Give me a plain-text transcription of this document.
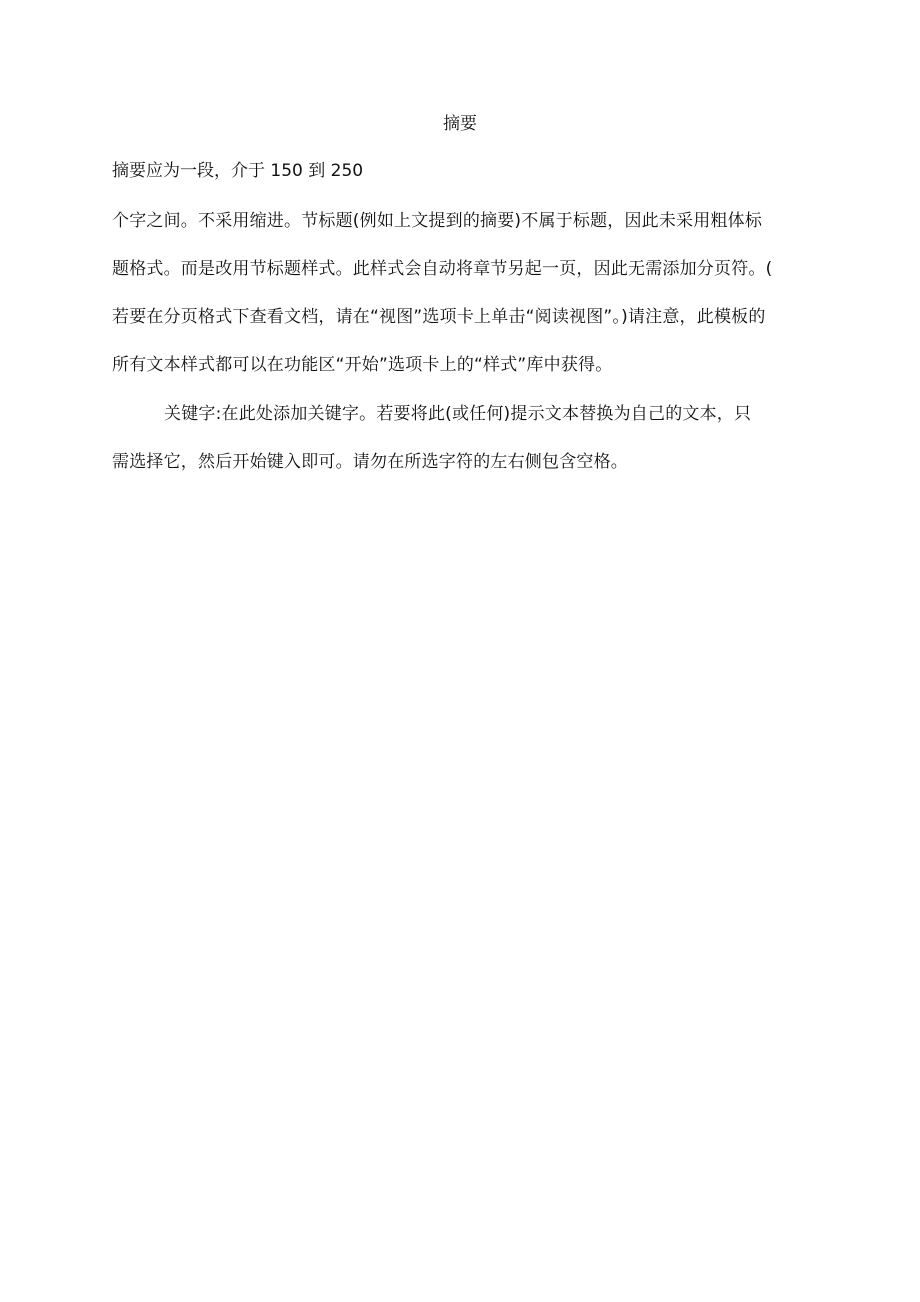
摘要
摘要应为一段，介于 150 到 250
个字之间。不采用缩进。节标题(例如上文提到的摘要)不属于标题，因此未采用粗体标
题格式。而是改用节标题样式。此样式会自动将章节另起一页，因此无需添加分页符。(
若要在分页格式下查看文档，请在“视图”选项卡上单击“阅读视图”。)请注意，此模板的
所有文本样式都可以在功能区“开始”选项卡上的“样式”库中获得。
关键字:在此处添加关键字。若要将此(或任何)提示文本替换为自己的文本，只
需选择它，然后开始键入即可。请勿在所选字符的左右侧包含空格。
